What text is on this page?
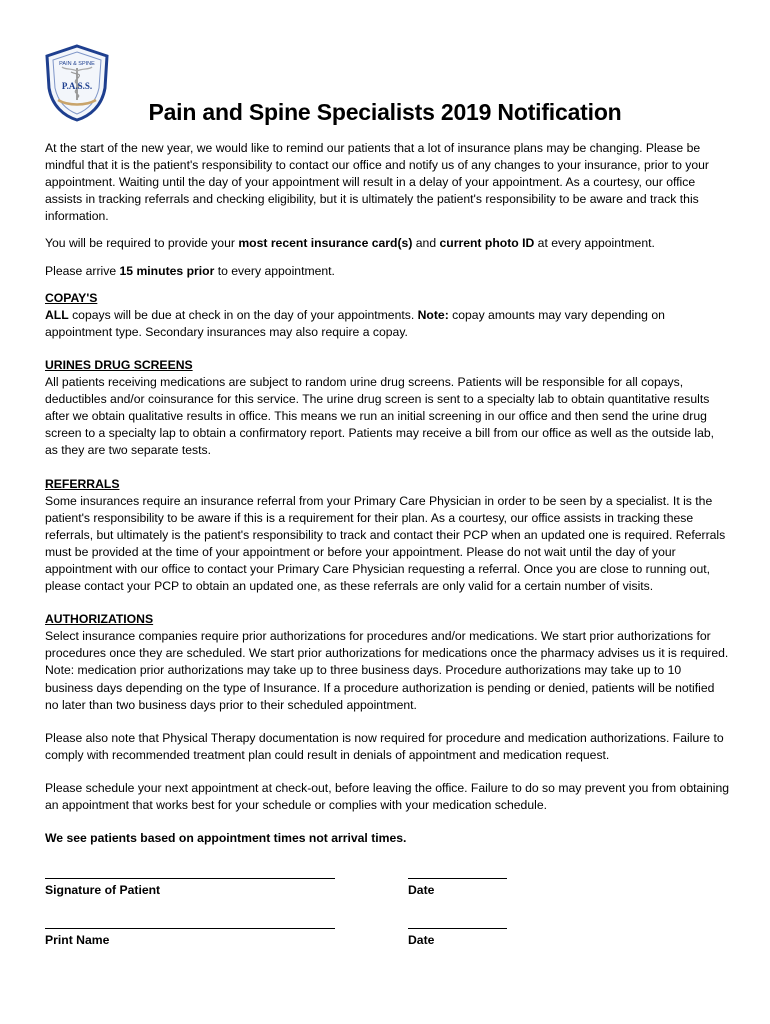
PAIN & SPINE
P.A.S.S.
Pain and Spine Specialists 2019 Notification

At the start of the new year, we would like to remind our patients that a lot of insurance plans may be changing. Please be mindful that it is the patient's responsibility to contact our office and notify us of any changes to your insurance, prior to your appointment. Waiting until the day of your appointment will result in a delay of your appointment. As a courtesy, our office assists in tracking referrals and checking eligibility, but it is ultimately the patient's responsibility to be aware and track this information.

You will be required to provide your most recent insurance card(s) and current photo ID at every appointment.

Please arrive 15 minutes prior to every appointment.

COPAY'S

ALL copays will be due at check in on the day of your appointments. Note: copay amounts may vary depending on appointment type. Secondary insurances may also require a copay.

URINES DRUG SCREENS

All patients receiving medications are subject to random urine drug screens. Patients will be responsible for all copays, deductibles and/or coinsurance for this service. The urine drug screen is sent to a specialty lab to obtain quantitative results after we obtain qualitative results in office. This means we run an initial screening in our office and then send the urine drug screen to a specialty lap to obtain a confirmatory report. Patients may receive a bill from our office as well as the outside lab, as they are two separate tests.

REFERRALS

Some insurances require an insurance referral from your Primary Care Physician in order to be seen by a specialist. It is the patient's responsibility to be aware if this is a requirement for their plan. As a courtesy, our office assists in tracking these referrals, but ultimately is the patient's responsibility to track and contact their PCP when an updated one is required. Referrals must be provided at the time of your appointment or before your appointment. Please do not wait until the day of your appointment with our office to contact your Primary Care Physician requesting a referral. Once you are close to running out, please contact your PCP to obtain an updated one, as these referrals are only valid for a certain number of visits.

AUTHORIZATIONS

Select insurance companies require prior authorizations for procedures and/or medications. We start prior authorizations for procedures once they are scheduled. We start prior authorizations for medications once the pharmacy advises us it is required. Note: medication prior authorizations may take up to three business days. Procedure authorizations may take up to 10 business days depending on the type of Insurance. If a procedure authorization is pending or denied, patients will be notified no later than two business days prior to their scheduled appointment.

Please also note that Physical Therapy documentation is now required for procedure and medication authorizations. Failure to comply with recommended treatment plan could result in denials of appointment and medication request.

Please schedule your next appointment at check-out, before leaving the office. Failure to do so may prevent you from obtaining an appointment that works best for your schedule or complies with your medication schedule.

We see patients based on appointment times not arrival times.

Signature of Patient	Date
Print Name	Date
